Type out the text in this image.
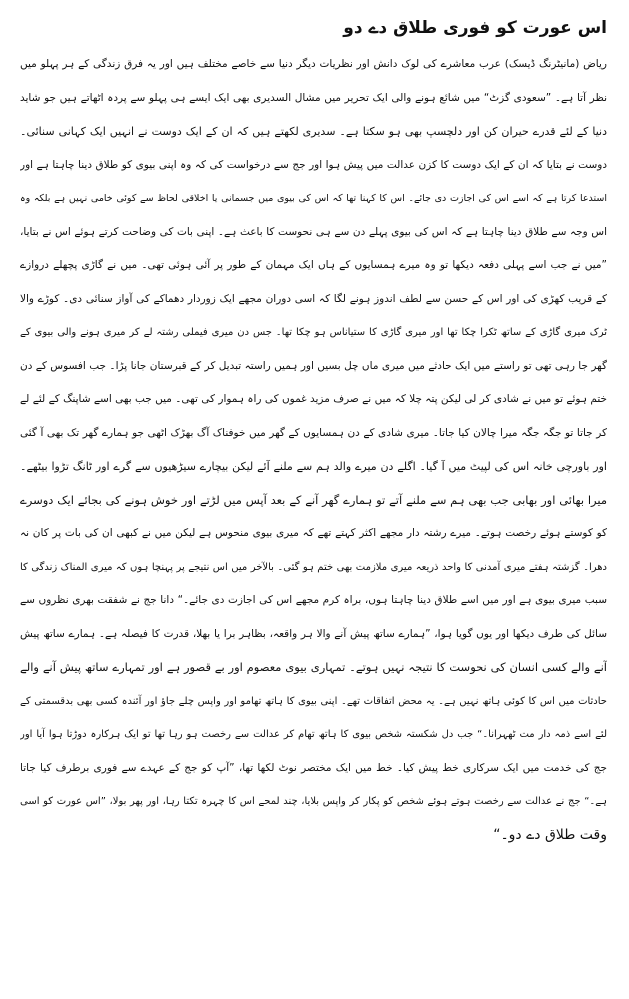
اس عورت کو فوری طلاق دے دو
ریاض (مانیٹرنگ ڈیسک) عرب معاشرے کی لوک دانش اور نظریات دیگر دنیا سے خاصے مختلف ہیں اور یہ فرق زندگی کے ہر پہلو میں
نظر آتا ہے۔ ”سعودی گزٹ“ میں شائع ہونے والی ایک تحریر میں مشال السدیری بھی ایک ایسے ہی پہلو سے پردہ اٹھاتے ہیں جو شاید
دنیا کے لئے قدرے حیران کن اور دلچسپ بھی ہو سکتا ہے۔ سدیری لکھتے ہیں کہ ان کے ایک دوست نے انہیں ایک کہانی سنائی۔
دوست نے بتایا کہ ان کے ایک دوست کا کزن عدالت میں پیش ہوا اور جج سے درخواست کی کہ وہ اپنی بیوی کو طلاق دینا چاہتا ہے اور
استدعا کرتا ہے کہ اسے اس کی اجازت دی جائے۔ اس کا کہنا تھا کہ اس کی بیوی میں جسمانی یا اخلاقی لحاظ سے کوئی خامی نہیں ہے بلکہ وہ
اس وجہ سے طلاق دینا چاہتا ہے کہ اس کی بیوی پہلے دن سے ہی نحوست کا باعث ہے۔ اپنی بات کی وضاحت کرتے ہوئے اس نے بتایا،
”میں نے جب اسے پہلی دفعہ دیکھا تو وہ میرے ہمسایوں کے ہاں ایک مہمان کے طور پر آئی ہوئی تھی۔ میں نے گاڑی پچھلے دروازے
کے قریب کھڑی کی اور اس کے حسن سے لطف اندوز ہونے لگا کہ اسی دوران مجھے ایک زوردار دھماکے کی آواز سنائی دی۔ کوڑے والا
ٹرک میری گاڑی کے ساتھ ٹکرا چکا تھا اور میری گاڑی کا ستیاناس ہو چکا تھا۔ جس دن میری فیملی رشتہ لے کر میری ہونے والی بیوی کے
گھر جا رہی تھی تو راستے میں ایک حادثے میں میری ماں چل بسیں اور ہمیں راستہ تبدیل کر کے قبرستان جانا پڑا۔ جب افسوس کے دن
ختم ہوئے تو میں نے شادی کر لی لیکن پتہ چلا کہ میں نے صرف مزید غموں کی راہ ہموار کی تھی۔ میں جب بھی اسے شاپنگ کے لئے لے
کر جاتا تو جگہ جگہ میرا چالان کیا جاتا۔ میری شادی کے دن ہمسایوں کے گھر میں خوفناک آگ بھڑک اٹھی جو ہمارے گھر تک بھی آ گئی
اور باورچی خانہ اس کی لپیٹ میں آ گیا۔ اگلے دن میرے والد ہم سے ملنے آئے لیکن بیچارے سیڑھیوں سے گرے اور ٹانگ تڑوا بیٹھے۔
میرا بھائی اور بھابی جب بھی ہم سے ملنے آتے تو ہمارے گھر آنے کے بعد آپس میں لڑتے اور خوش ہونے کی بجائے ایک دوسرے
کو کوستے ہوئے رخصت ہوتے۔ میرے رشتہ دار مجھے اکثر کہتے تھے کہ میری بیوی منحوس ہے لیکن میں نے کبھی ان کی بات پر کان نہ
دھرا۔ گزشتہ ہفتے میری آمدنی کا واحد ذریعہ میری ملازمت بھی ختم ہو گئی۔ بالآخر میں اس نتیجے پر پہنچا ہوں کہ میری المناک زندگی کا
سبب میری بیوی ہے اور میں اسے طلاق دینا چاہتا ہوں، براہ کرم مجھے اس کی اجازت دی جائے۔“ دانا جج نے شفقت بھری نظروں سے
سائل کی طرف دیکھا اور یوں گویا ہوا، ”ہمارے ساتھ پیش آنے والا ہر واقعہ، بظاہر برا یا بھلا، قدرت کا فیصلہ ہے۔ ہمارے ساتھ پیش
آنے والے کسی انسان کی نحوست کا نتیجہ نہیں ہوتے۔ تمہاری بیوی معصوم اور بے قصور ہے اور تمہارے ساتھ پیش آنے والے
حادثات میں اس کا کوئی ہاتھ نہیں ہے۔ یہ محض اتفاقات تھے۔ اپنی بیوی کا ہاتھ تھامو اور واپس چلے جاؤ اور آئندہ کسی بھی بدقسمتی کے
لئے اسے ذمہ دار مت ٹھہرانا۔“ جب دل شکستہ شخص بیوی کا ہاتھ تھام کر عدالت سے رخصت ہو رہا تھا تو ایک ہرکارہ دوڑتا ہوا آیا اور
جج کی خدمت میں ایک سرکاری خط پیش کیا۔ خط میں ایک مختصر نوٹ لکھا تھا، ”آپ کو جج کے عہدے سے فوری برطرف کیا جاتا
ہے۔“ جج نے عدالت سے رخصت ہوتے ہوئے شخص کو پکار کر واپس بلایا، چند لمحے اس کا چہرہ تکتا رہا، اور پھر بولا، ”اس عورت کو اسی
وقت طلاق دے دو۔“
